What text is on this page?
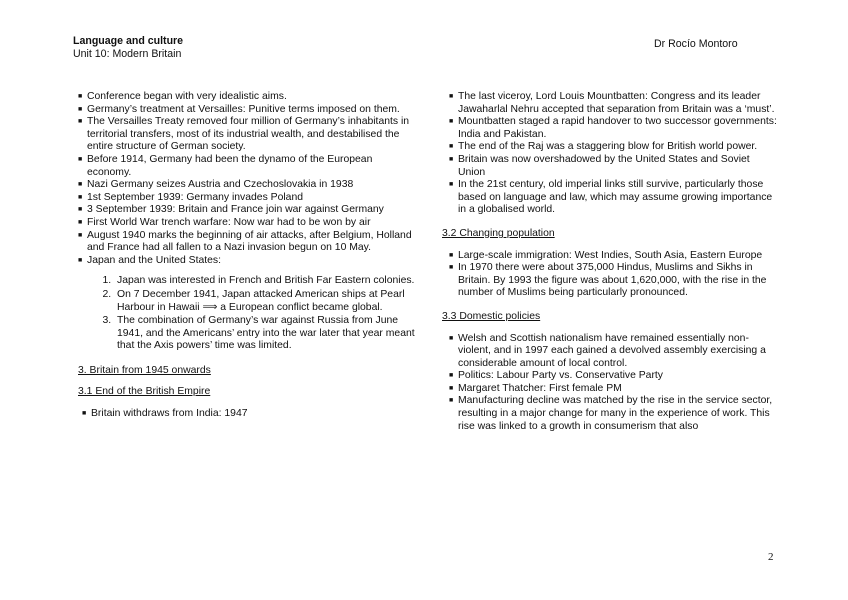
Language and culture
Unit 10: Modern Britain
Dr Rocío Montoro
■ Conference began with very idealistic aims.
■ Germany’s treatment at Versailles: Punitive terms imposed on them.
■ The Versailles Treaty removed four million of Germany’s inhabitants in territorial transfers, most of its industrial wealth, and destabilised the entire structure of German society.
■ Before 1914, Germany had been the dynamo of the European economy.
■ Nazi Germany seizes Austria and Czechoslovakia in 1938
■ 1st September 1939: Germany invades Poland
■ 3 September 1939: Britain and France join war against Germany
■ First World War trench warfare: Now war had to be won by air
■ August 1940 marks the beginning of air attacks, after Belgium, Holland and France had all fallen to a Nazi invasion begun on 10 May.
■ Japan and the United States:
1. Japan was interested in French and British Far Eastern colonies.
2. On 7 December 1941, Japan attacked American ships at Pearl Harbour in Hawaii ⟹ a European conflict became global.
3. The combination of Germany’s war against Russia from June 1941, and the Americans’ entry into the war later that year meant that the Axis powers’ time was limited.

3. Britain from 1945 onwards

3.1 End of the British Empire

■ Britain withdraws from India: 1947
■ The last viceroy, Lord Louis Mountbatten: Congress and its leader Jawaharlal Nehru accepted that separation from Britain was a ‘must’.
■ Mountbatten staged a rapid handover to two successor governments: India and Pakistan.
■ The end of the Raj was a staggering blow for British world power.
■ Britain was now overshadowed by the United States and Soviet Union
■ In the 21st century, old imperial links still survive, particularly those based on language and law, which may assume growing importance in a globalised world.

3.2 Changing population

■ Large-scale immigration: West Indies, South Asia, Eastern Europe
■ In 1970 there were about 375,000 Hindus, Muslims and Sikhs in Britain. By 1993 the figure was about 1,620,000, with the rise in the number of Muslims being particularly pronounced.

3.3 Domestic policies

■ Welsh and Scottish nationalism have remained essentially non-violent, and in 1997 each gained a devolved assembly exercising a considerable amount of local control.
■ Politics: Labour Party vs. Conservative Party
■ Margaret Thatcher: First female PM
■ Manufacturing decline was matched by the rise in the service sector, resulting in a major change for many in the experience of work. This rise was linked to a growth in consumerism that also
2
